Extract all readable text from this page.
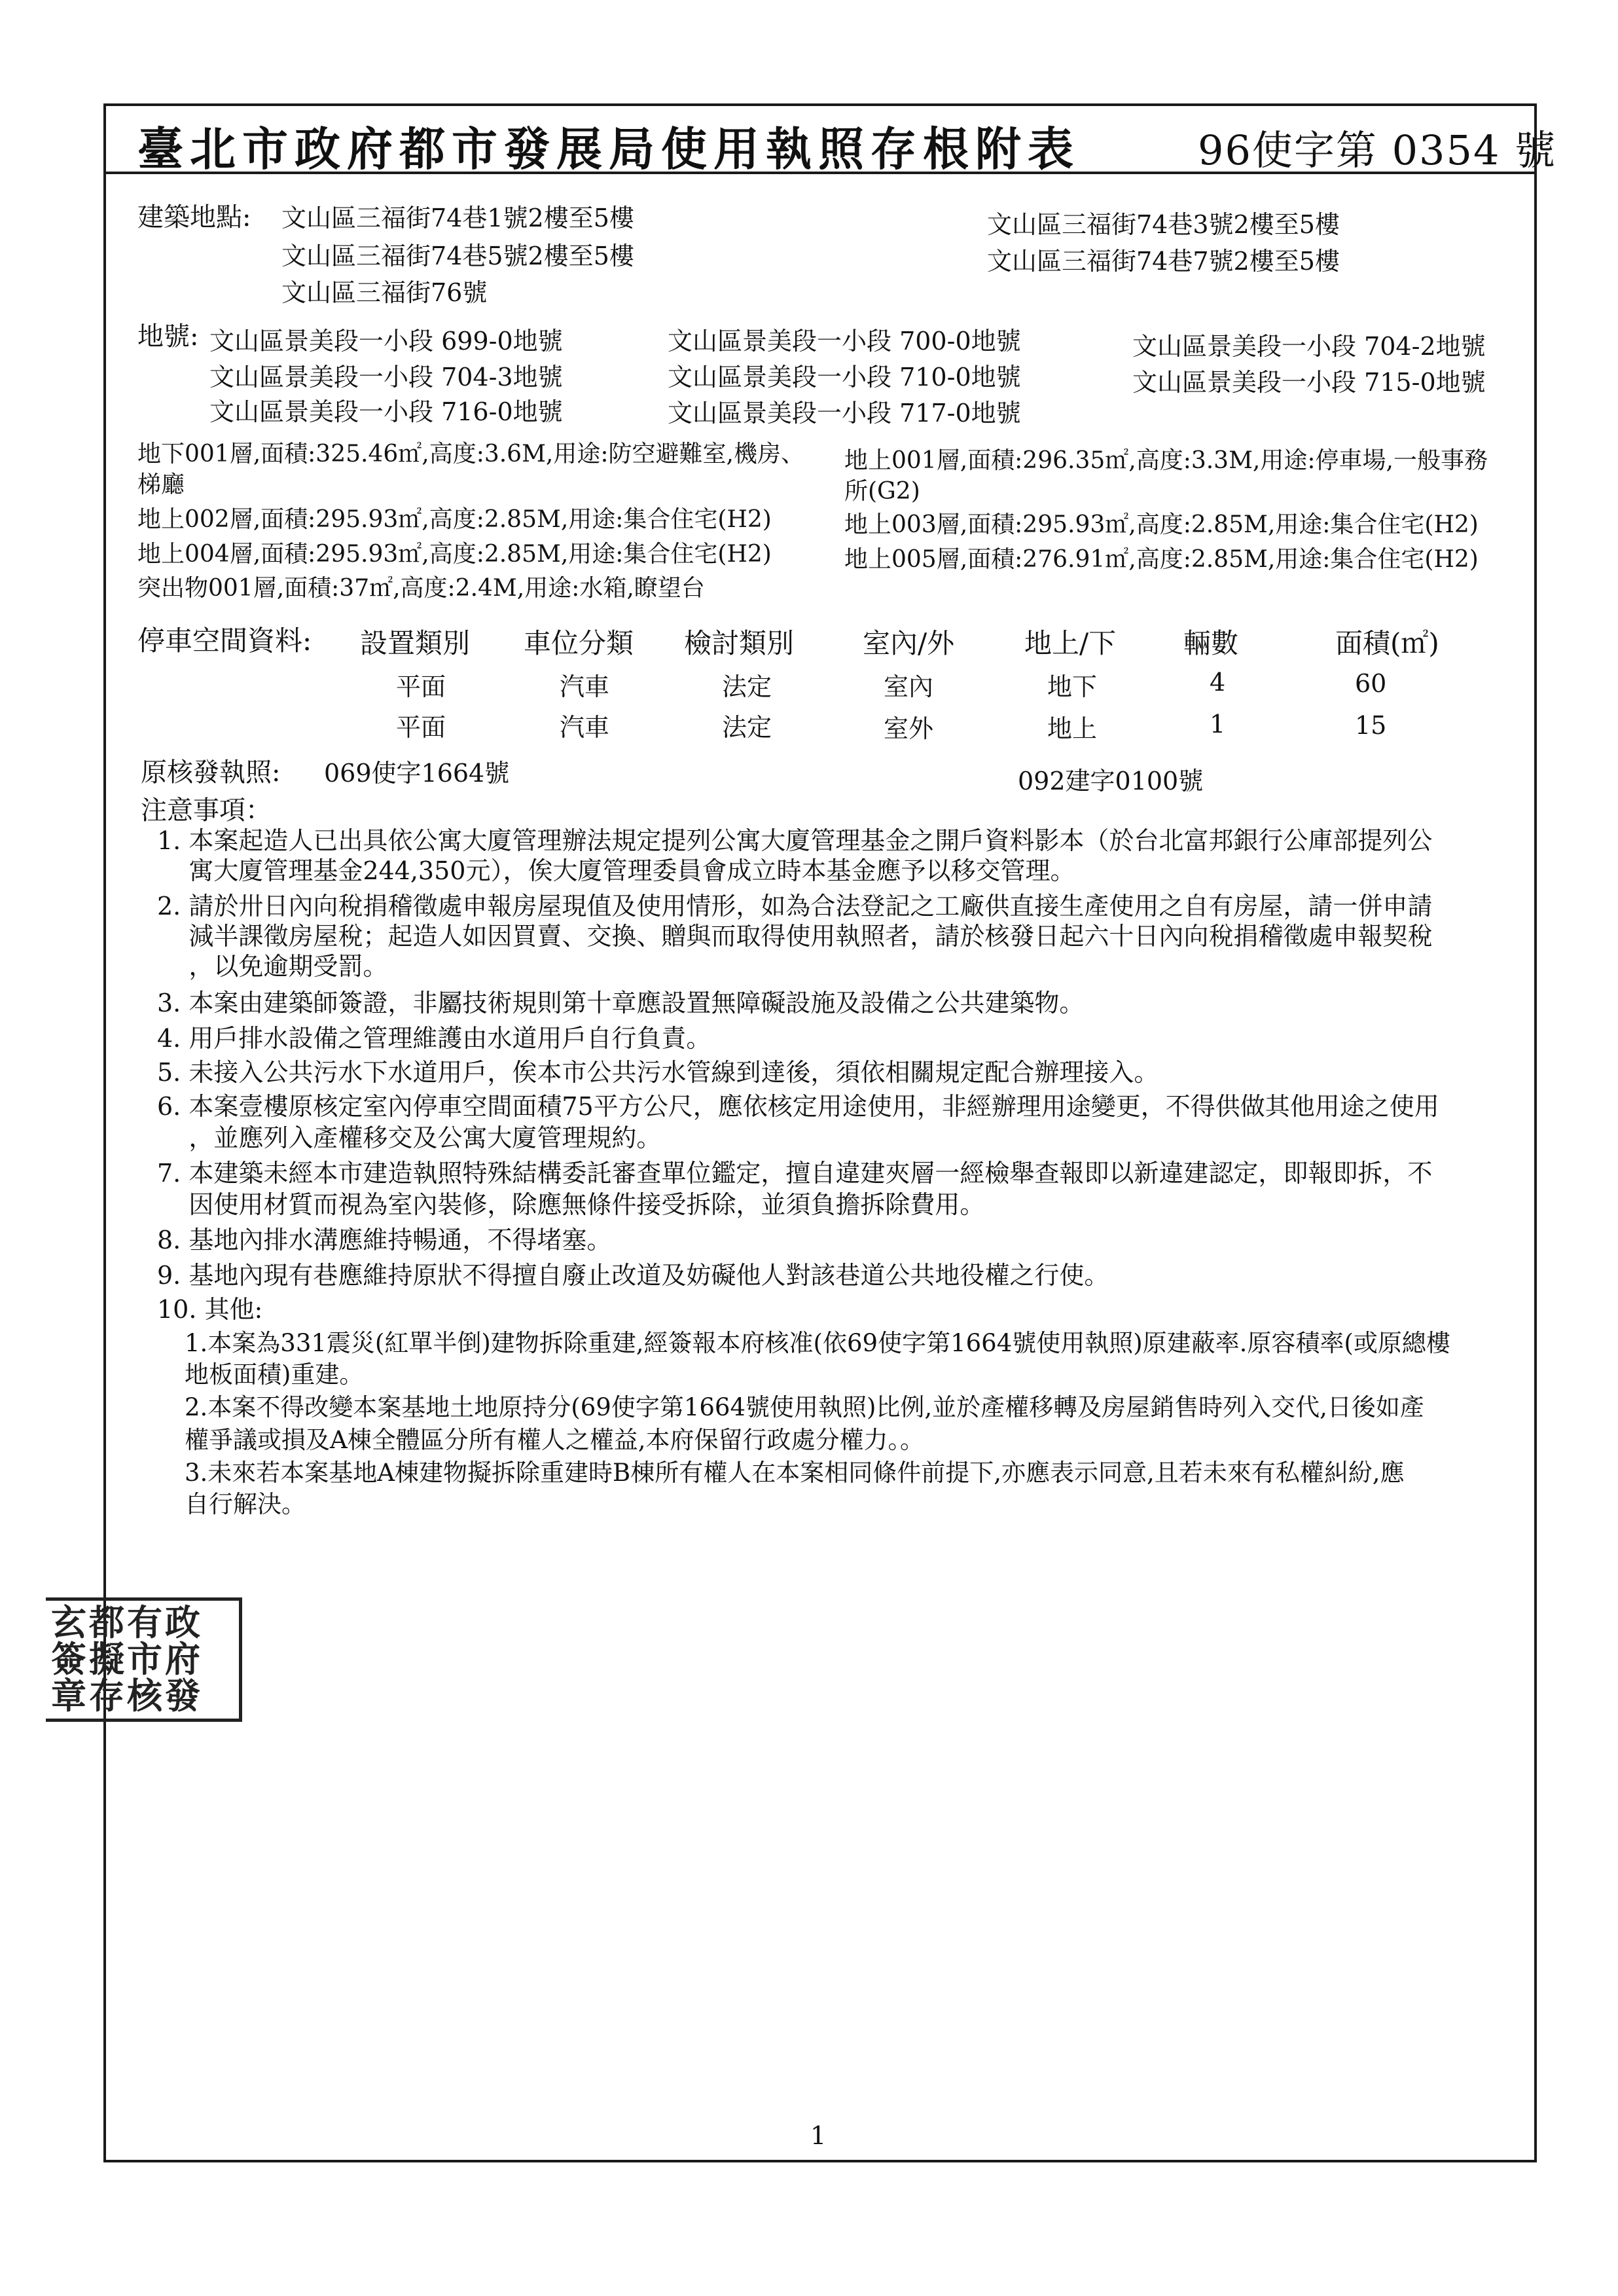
臺北市政府都市發展局使用執照存根附表	96使字第 0354 號
建築地點: 文山區三福街74巷1號2樓至5樓
文山區三福街74巷5號2樓至5樓
文山區三福街76號
文山區三福街74巷3號2樓至5樓
文山區三福街74巷7號2樓至5樓
地號: 文山區景美段一小段 699-0地號
文山區景美段一小段 704-3地號
文山區景美段一小段 716-0地號
文山區景美段一小段 700-0地號
文山區景美段一小段 710-0地號
文山區景美段一小段 717-0地號
文山區景美段一小段 704-2地號
文山區景美段一小段 715-0地號
地下001層,面積:325.46㎡,高度:3.6M,用途:防空避難室,機房、
梯廳
地上002層,面積:295.93㎡,高度:2.85M,用途:集合住宅(H2)
地上004層,面積:295.93㎡,高度:2.85M,用途:集合住宅(H2)
突出物001層,面積:37㎡,高度:2.4M,用途:水箱,瞭望台
地上001層,面積:296.35㎡,高度:3.3M,用途:停車場,一般事務
所(G2)
地上003層,面積:295.93㎡,高度:2.85M,用途:集合住宅(H2)
地上005層,面積:276.91㎡,高度:2.85M,用途:集合住宅(H2)
停車空間資料: 設置類別 車位分類 檢討類別 室內/外	地上/下 輛數	面積(㎡)
平面	汽車	法定	室內	地下	4	60
平面	汽車	法定	室外	地上	1	15
原核發執照: 069使字1664號	092建字0100號
注意事項：
1. 本案起造人已出具依公寓大廈管理辦法規定提列公寓大廈管理基金之開戶資料影本（於台北富邦銀行公庫部提列公
寓大廈管理基金244,350元），俟大廈管理委員會成立時本基金應予以移交管理。
2. 請於卅日內向稅捐稽徵處申報房屋現值及使用情形，如為合法登記之工廠供直接生產使用之自有房屋，請一併申請
減半課徵房屋稅；起造人如因買賣、交換、贈與而取得使用執照者，請於核發日起六十日內向稅捐稽徵處申報契稅
，以免逾期受罰。
3. 本案由建築師簽證，非屬技術規則第十章應設置無障礙設施及設備之公共建築物。
4. 用戶排水設備之管理維護由水道用戶自行負責。
5. 未接入公共污水下水道用戶，俟本市公共污水管線到達後，須依相關規定配合辦理接入。
6. 本案壹樓原核定室內停車空間面積75平方公尺，應依核定用途使用，非經辦理用途變更，不得供做其他用途之使用
，並應列入產權移交及公寓大廈管理規約。
7. 本建築未經本市建造執照特殊結構委託審查單位鑑定，擅自違建夾層一經檢舉查報即以新違建認定，即報即拆，不
因使用材質而視為室內裝修，除應無條件接受拆除，並須負擔拆除費用。
8. 基地內排水溝應維持暢通，不得堵塞。
9. 基地內現有巷應維持原狀不得擅自廢止改道及妨礙他人對該巷道公共地役權之行使。
10. 其他:
1.本案為331震災(紅單半倒)建物拆除重建,經簽報本府核准(依69使字第1664號使用執照)原建蔽率.原容積率(或原總樓
地板面積)重建。
2.本案不得改變本案基地土地原持分(69使字第1664號使用執照)比例,並於產權移轉及房屋銷售時列入交代,日後如產
權爭議或損及A棟全體區分所有權人之權益,本府保留行政處分權力。。
3.未來若本案基地A棟建物擬拆除重建時B棟所有權人在本案相同條件前提下,亦應表示同意,且若未來有私權糾紛,應
自行解決。
玄都有政
簽擬市府
章存核發
1
